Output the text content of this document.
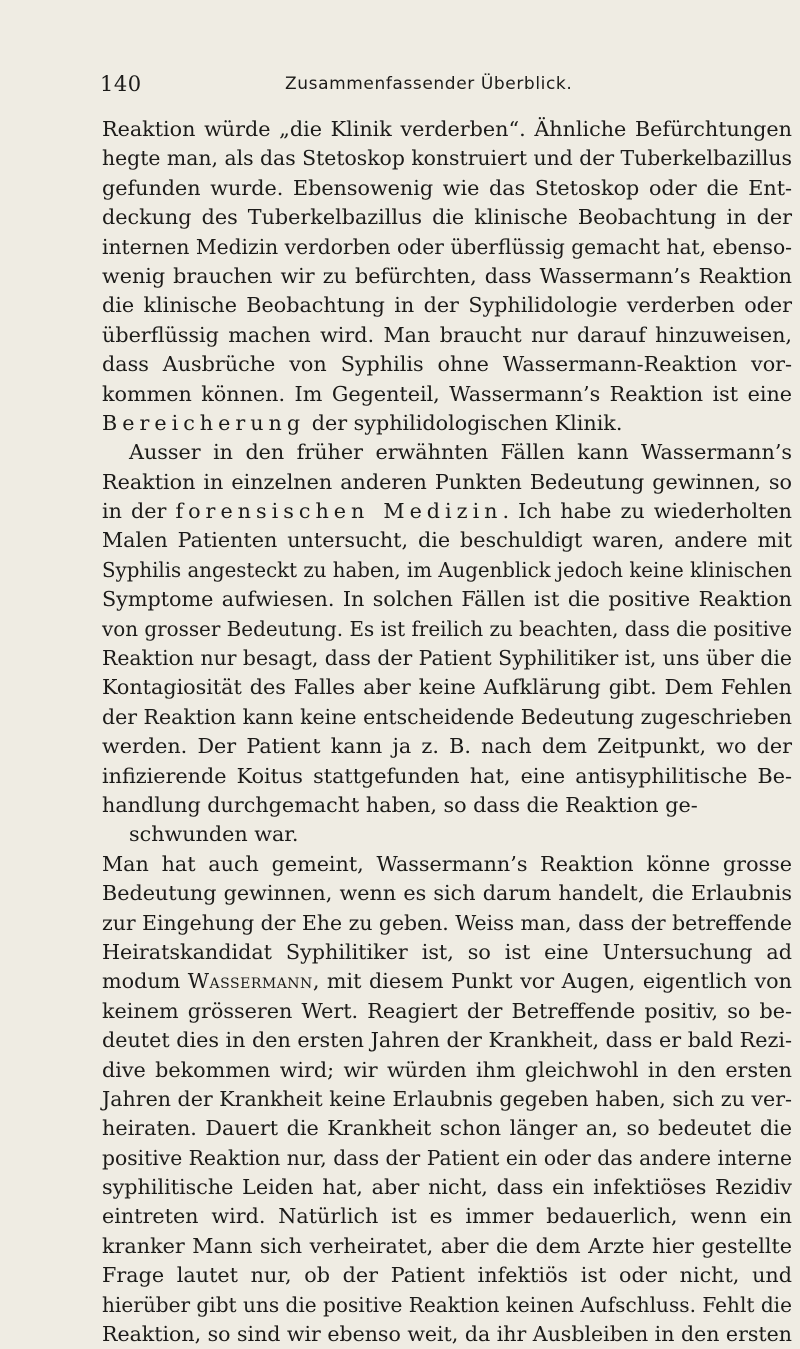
140	Zusammenfassender Überblick.
Reaktion würde „die Klinik verderben“. Ähnliche Befürchtungen
hegte man, als das Stetoskop konstruiert und der Tuberkelbazillus
gefunden wurde. Ebensowenig wie das Stetoskop oder die Ent-
deckung des Tuberkelbazillus die klinische Beobachtung in der
internen Medizin verdorben oder überflüssig gemacht hat, ebenso-
wenig brauchen wir zu befürchten, dass Wassermann’s Reaktion
die klinische Beobachtung in der Syphilidologie verderben oder
überflüssig machen wird. Man braucht nur darauf hinzuweisen,
dass Ausbrüche von Syphilis ohne Wassermann-Reaktion vor-
kommen können. Im Gegenteil, Wassermann’s Reaktion ist eine
Bereicherung der syphilidologischen Klinik.
Ausser in den früher erwähnten Fällen kann Wassermann’s
Reaktion in einzelnen anderen Punkten Bedeutung gewinnen, so
in der forensischen Medizin. Ich habe zu wiederholten
Malen Patienten untersucht, die beschuldigt waren, andere mit
Syphilis angesteckt zu haben, im Augenblick jedoch keine klinischen
Symptome aufwiesen. In solchen Fällen ist die positive Reaktion
von grosser Bedeutung. Es ist freilich zu beachten, dass die positive
Reaktion nur besagt, dass der Patient Syphilitiker ist, uns über die
Kontagiosität des Falles aber keine Aufklärung gibt. Dem Fehlen
der Reaktion kann keine entscheidende Bedeutung zugeschrieben
werden. Der Patient kann ja z. B. nach dem Zeitpunkt, wo der
infizierende Koitus stattgefunden hat, eine antisyphilitische Be-
handlung durchgemacht haben, so dass die Reaktion ge-
schwunden war.
Man hat auch gemeint, Wassermann’s Reaktion könne grosse
Bedeutung gewinnen, wenn es sich darum handelt, die Erlaubnis
zur Eingehung der Ehe zu geben. Weiss man, dass der betreffende
Heiratskandidat Syphilitiker ist, so ist eine Untersuchung ad
modum Wassermann, mit diesem Punkt vor Augen, eigentlich von
keinem grösseren Wert. Reagiert der Betreffende positiv, so be-
deutet dies in den ersten Jahren der Krankheit, dass er bald Rezi-
dive bekommen wird; wir würden ihm gleichwohl in den ersten
Jahren der Krankheit keine Erlaubnis gegeben haben, sich zu ver-
heiraten. Dauert die Krankheit schon länger an, so bedeutet die
positive Reaktion nur, dass der Patient ein oder das andere interne
syphilitische Leiden hat, aber nicht, dass ein infektiöses Rezidiv
eintreten wird. Natürlich ist es immer bedauerlich, wenn ein
kranker Mann sich verheiratet, aber die dem Arzte hier gestellte
Frage lautet nur, ob der Patient infektiös ist oder nicht, und
hierüber gibt uns die positive Reaktion keinen Aufschluss. Fehlt die
Reaktion, so sind wir ebenso weit, da ihr Ausbleiben in den ersten
